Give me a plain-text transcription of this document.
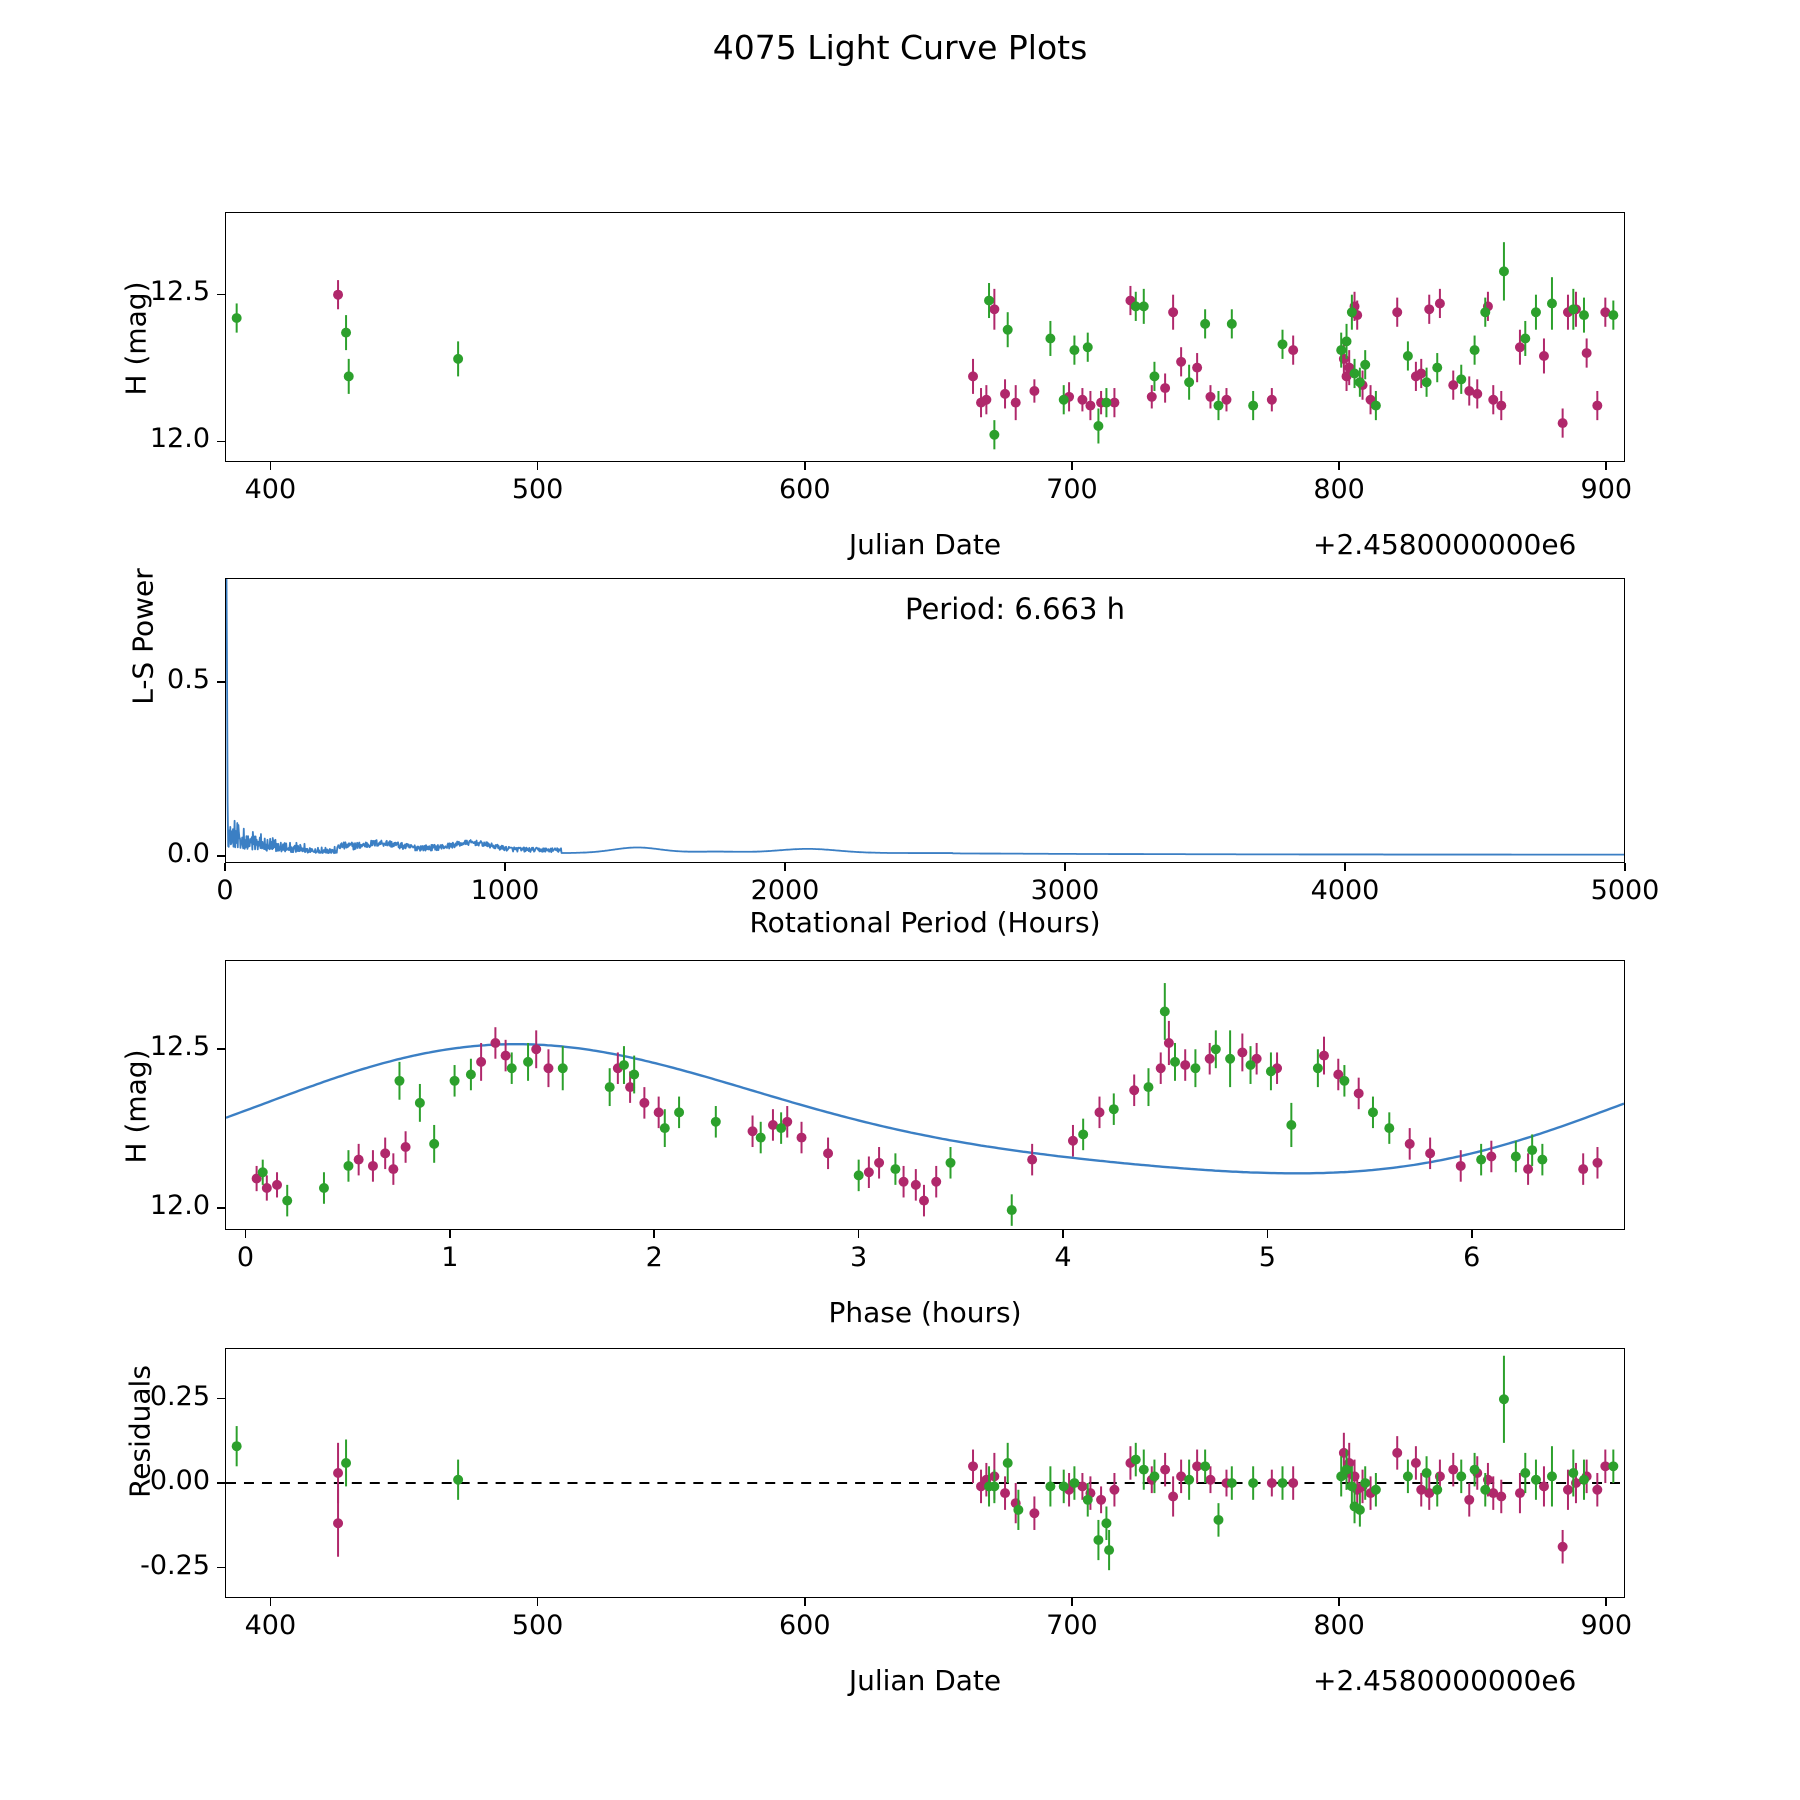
4075 Light Curve Plots
H (mag)
Julian Date	+2.4580000000e6
L-S Power	Period: 6.663 h
Rotational Period (Hours)
H (mag)
Phase (hours)
Residuals
Julian Date	+2.4580000000e6
400	500	600	700	800	900
12.0
12.5
0	1000	2000	3000	4000	5000
0.0
0.5
0	1	2	3	4	5	6
12.0
12.5
400	500	600	700	800	900
-0.25
0.00
0.25
